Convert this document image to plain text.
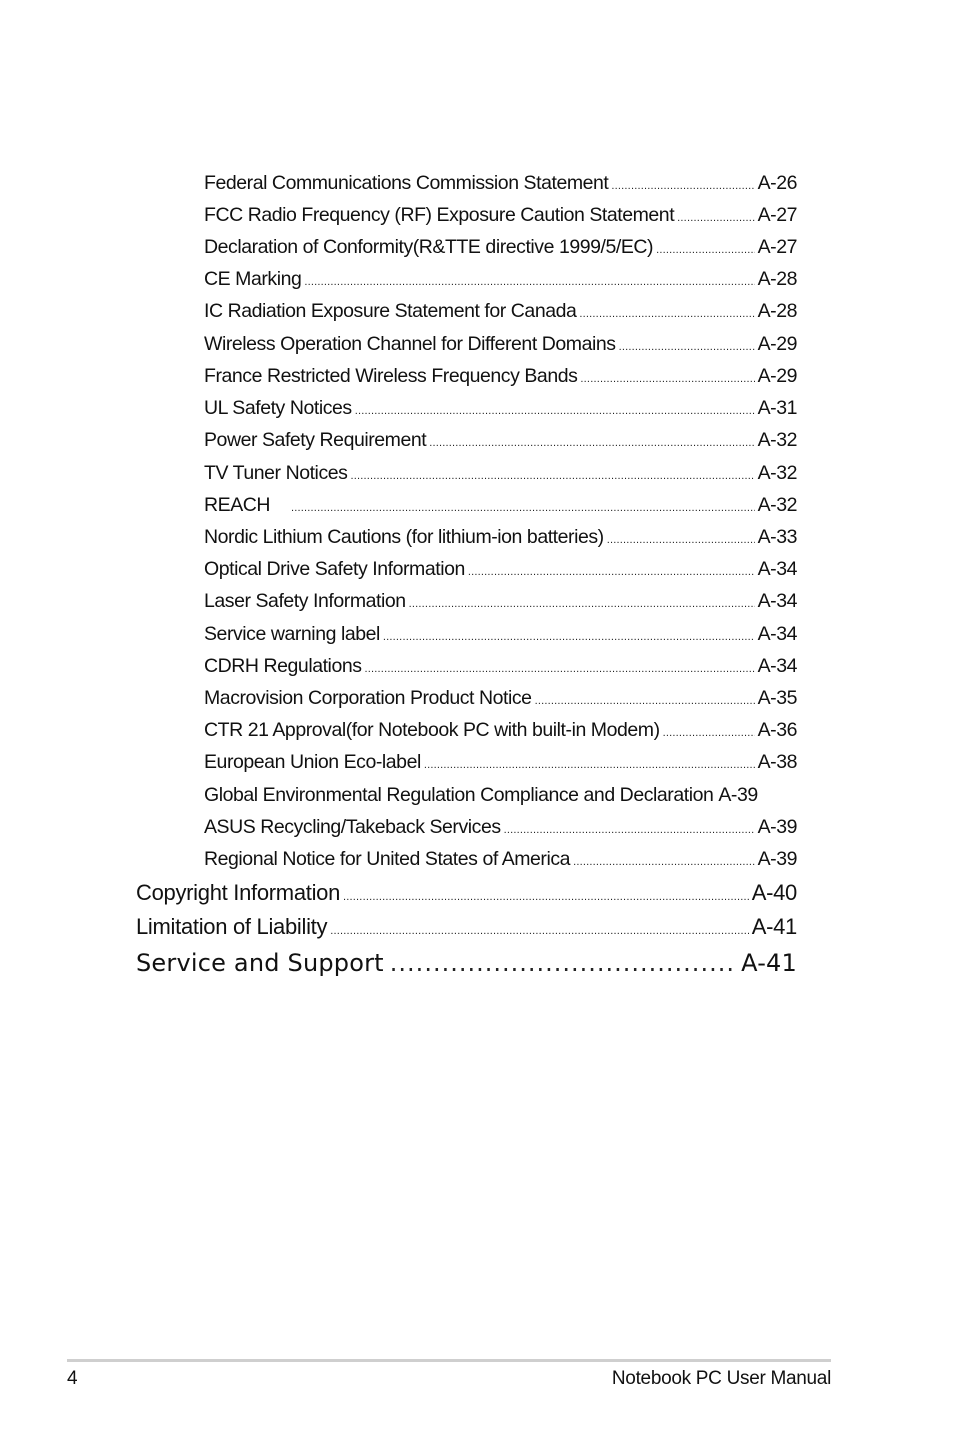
Federal Communications Commission Statement .....	A-26
FCC Radio Frequency (RF) Exposure Caution Statement .....	A-27
Declaration of Conformity(R&TTE directive 1999/5/EC) .....	A-27
CE Marking .....	A-28
IC Radiation Exposure Statement for Canada .....	A-28
Wireless Operation Channel for Different Domains .....	A-29
France Restricted Wireless Frequency Bands .....	A-29
UL Safety Notices .....	A-31
Power Safety Requirement .....	A-32
TV Tuner Notices .....	A-32
REACH .....	A-32
Nordic Lithium Cautions (for lithium-ion batteries) .....	A-33
Optical Drive Safety Information .....	A-34
Laser Safety Information .....	A-34
Service warning label .....	A-34
CDRH Regulations .....	A-34
Macrovision Corporation Product Notice .....	A-35
CTR 21 Approval(for Notebook PC with built-in Modem) .....	A-36
European Union Eco-label .....	A-38
Global Environmental Regulation Compliance and Declaration A-39
ASUS Recycling/Takeback Services .....	A-39
Regional Notice for United States of America .....	A-39
Copyright Information .....	A-40
Limitation of Liability .....	A-41
Service and Support .....	A-41
4	Notebook PC User Manual
